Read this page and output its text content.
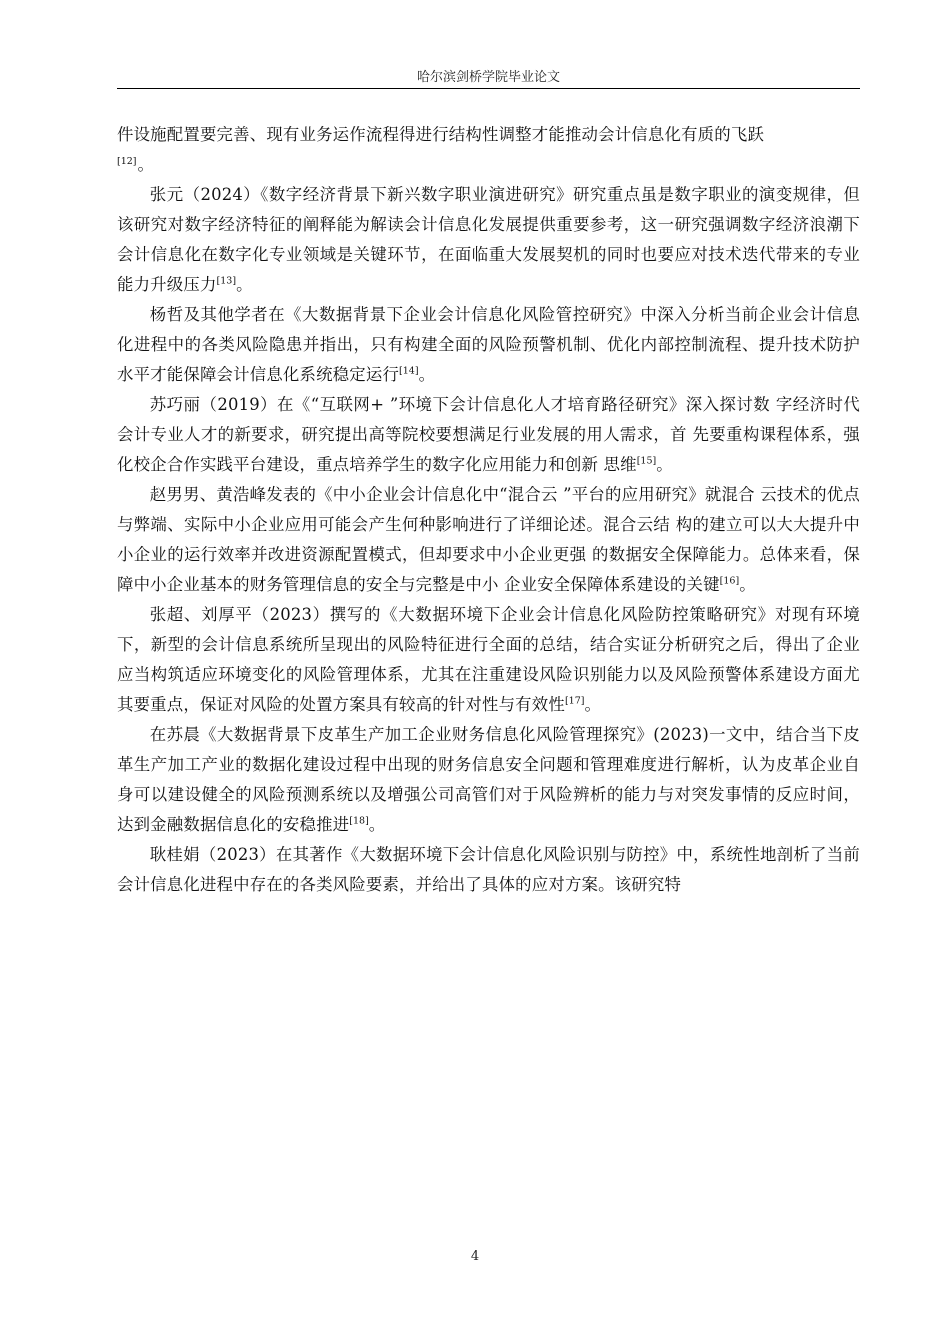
哈尔滨剑桥学院毕业论文

件设施配置要完善、现有业务运作流程得进行结构性调整才能推动会计信息化有质的飞跃
[12]。

张元（2024）《数字经济背景下新兴数字职业演进研究》研究重点虽是数字职业的演变规律，但该研究对数字经济特征的阐释能为解读会计信息化发展提供重要参考，这一研究强调数字经济浪潮下会计信息化在数字化专业领域是关键环节，在面临重大发展契机的同时也要应对技术迭代带来的专业能力升级压力[13]。

杨哲及其他学者在《大数据背景下企业会计信息化风险管控研究》中深入分析当前企业会计信息化进程中的各类风险隐患并指出，只有构建全面的风险预警机制、优化内部控制流程、提升技术防护水平才能保障会计信息化系统稳定运行[14]。

苏巧丽（2019）在《“互联网+ ”环境下会计信息化人才培育路径研究》深入探讨数 字经济时代会计专业人才的新要求，研究提出高等院校要想满足行业发展的用人需求，首 先要重构课程体系，强化校企合作实践平台建设，重点培养学生的数字化应用能力和创新 思维[15]。

赵男男、黄浩峰发表的《中小企业会计信息化中“混合云 ”平台的应用研究》就混合 云技术的优点与弊端、实际中小企业应用可能会产生何种影响进行了详细论述。混合云结 构的建立可以大大提升中小企业的运行效率并改进资源配置模式，但却要求中小企业更强 的数据安全保障能力。总体来看，保障中小企业基本的财务管理信息的安全与完整是中小 企业安全保障体系建设的关键[16]。

张超、刘厚平（2023）撰写的《大数据环境下企业会计信息化风险防控策略研究》对现有环境下，新型的会计信息系统所呈现出的风险特征进行全面的总结，结合实证分析研究之后，得出了企业应当构筑适应环境变化的风险管理体系，尤其在注重建设风险识别能力以及风险预警体系建设方面尤其要重点，保证对风险的处置方案具有较高的针对性与有效性[17]。

在苏晨《大数据背景下皮革生产加工企业财务信息化风险管理探究》(2023)一文中，结合当下皮革生产加工产业的数据化建设过程中出现的财务信息安全问题和管理难度进行解析，认为皮革企业自身可以建设健全的风险预测系统以及增强公司高管们对于风险辨析的能力与对突发事情的反应时间，达到金融数据信息化的安稳推进[18]。

耿桂娟（2023）在其著作《大数据环境下会计信息化风险识别与防控》中，系统性地剖析了当前会计信息化进程中存在的各类风险要素，并给出了具体的应对方案。该研究特

4
